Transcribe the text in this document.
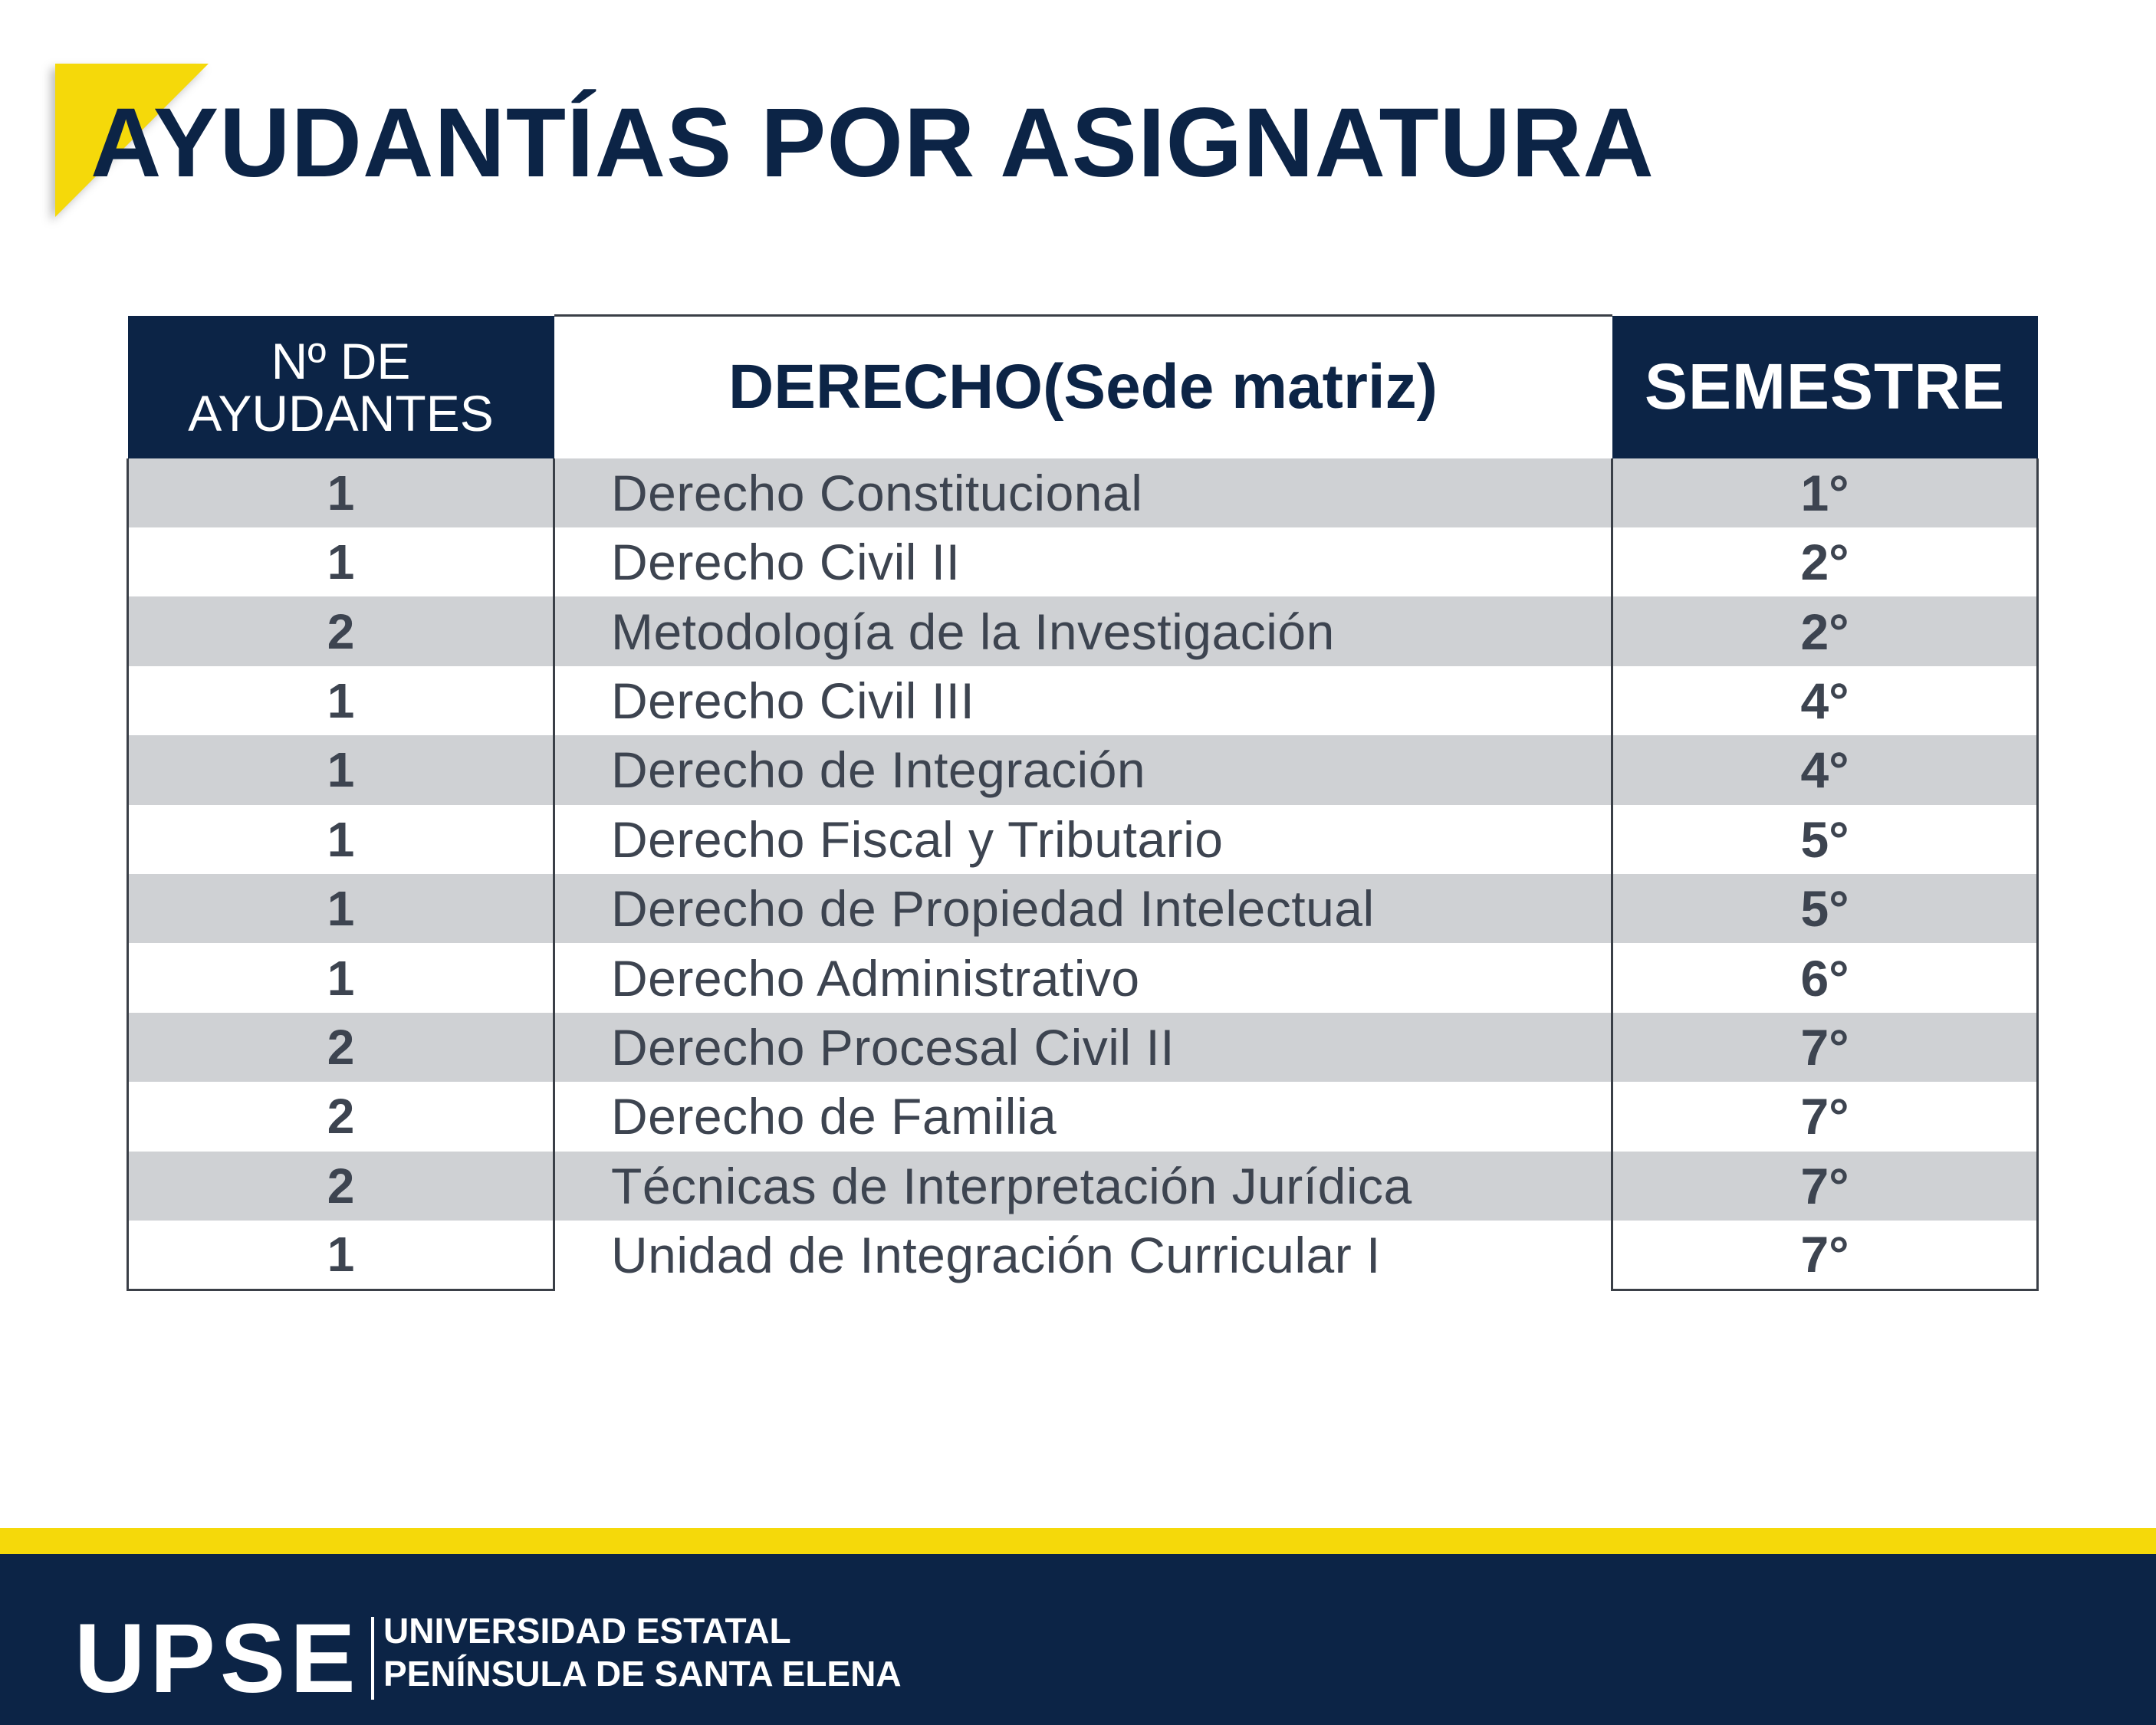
AYUDANTÍAS POR ASIGNATURA
Nº DE
AYUDANTES	DERECHO(Sede matriz)	SEMESTRE
1	Derecho Constitucional	1°
1	Derecho Civil II	2°
2	Metodología de la Investigación	2°
1	Derecho Civil III	4°
1	Derecho de Integración	4°
1	Derecho Fiscal y Tributario	5°
1	Derecho de Propiedad Intelectual	5°
1	Derecho Administrativo	6°
2	Derecho Procesal Civil II	7°
2	Derecho de Familia	7°
2	Técnicas de Interpretación Jurídica	7°
1	Unidad de Integración Curricular I	7°
UPSE UNIVERSIDAD ESTATAL
PENÍNSULA DE SANTA ELENA
